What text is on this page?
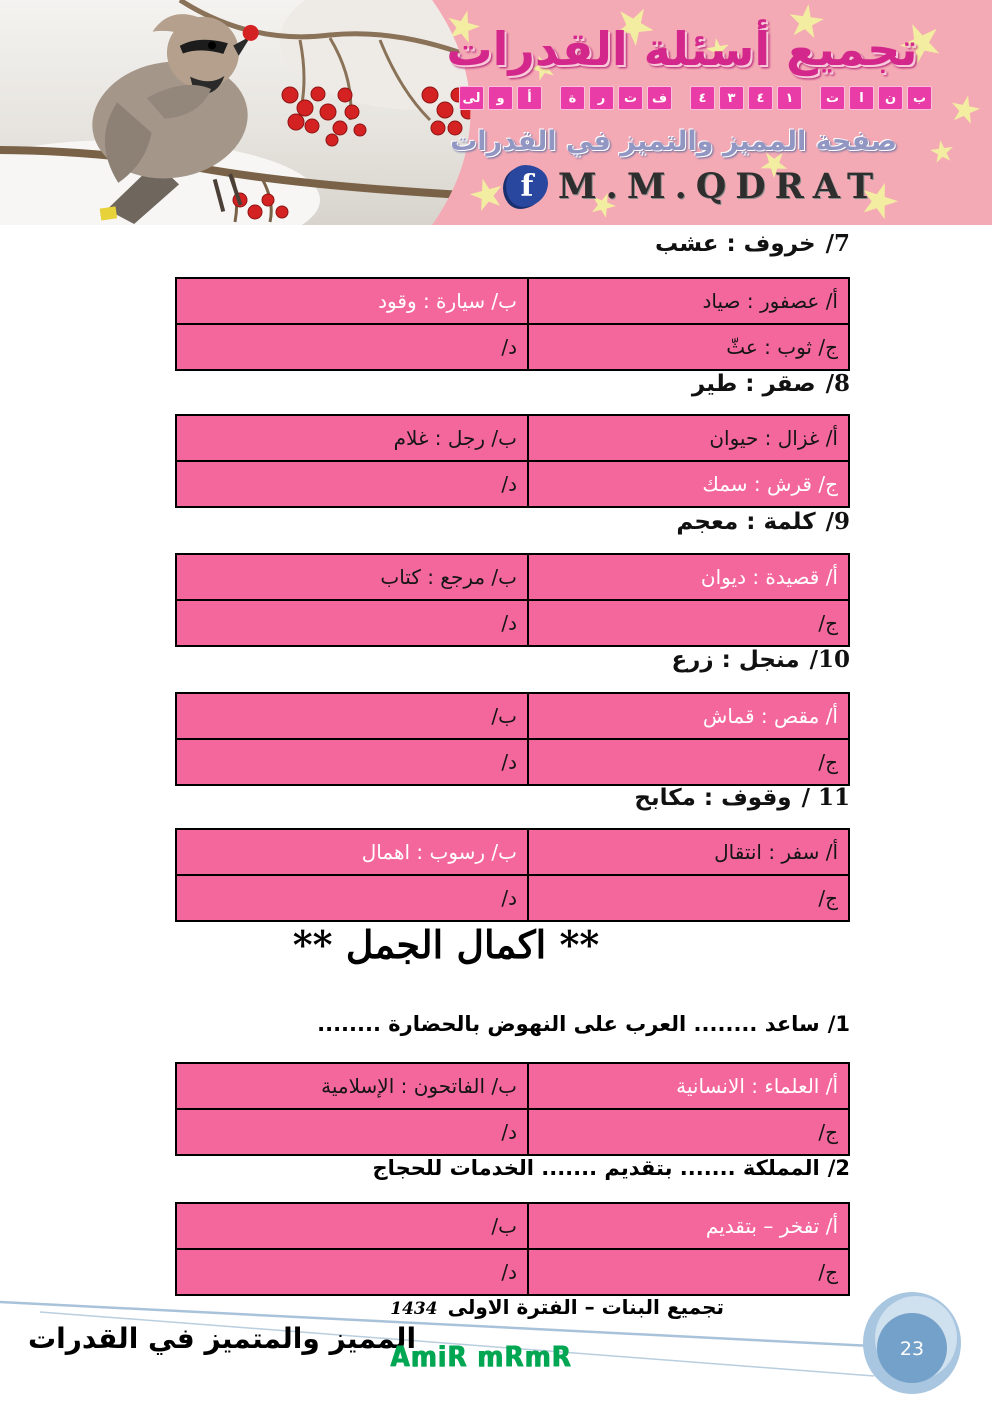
تجميع أسئلة القدرات
ب
ن
ا
ت
١
٤
٣
٤
ف
ت
ر
ة
أ
و
لى
صفحة المميز والتميز في القدرات
f M.M.QDRAT
7/
خروف : عشب
أ/ عصفور : صياد	ب/ سيارة : وقود
ج/ ثوب : عثّ	د/
8/
صقر : طير
أ/ غزال : حيوان	ب/ رجل : غلام
ج/ قرش : سمك	د/
9/
كلمة : معجم
أ/ قصيدة : ديوان	ب/ مرجع : كتاب
ج/	د/
10/
منجل : زرع
أ/ مقص : قماش	ب/
ج/	د/
11 /
وقوف : مكابح
أ/ سفر : انتقال	ب/ رسوب : اهمال
ج/	د/
** اكمال الجمل **
1/
ساعد ........ العرب على النهوض بالحضارة ........
أ/ العلماء : الانسانية	ب/ الفاتحون : الإسلامية
ج/	د/
2/
المملكة ....... بتقديم ....... الخدمات للحجاج
أ/ تفخر – بتقديم	ب/
ج/	د/
تجميع البنات – الفترة الاولى
1434
المميز والمتميز في القدرات
AmiR mRmR	23
